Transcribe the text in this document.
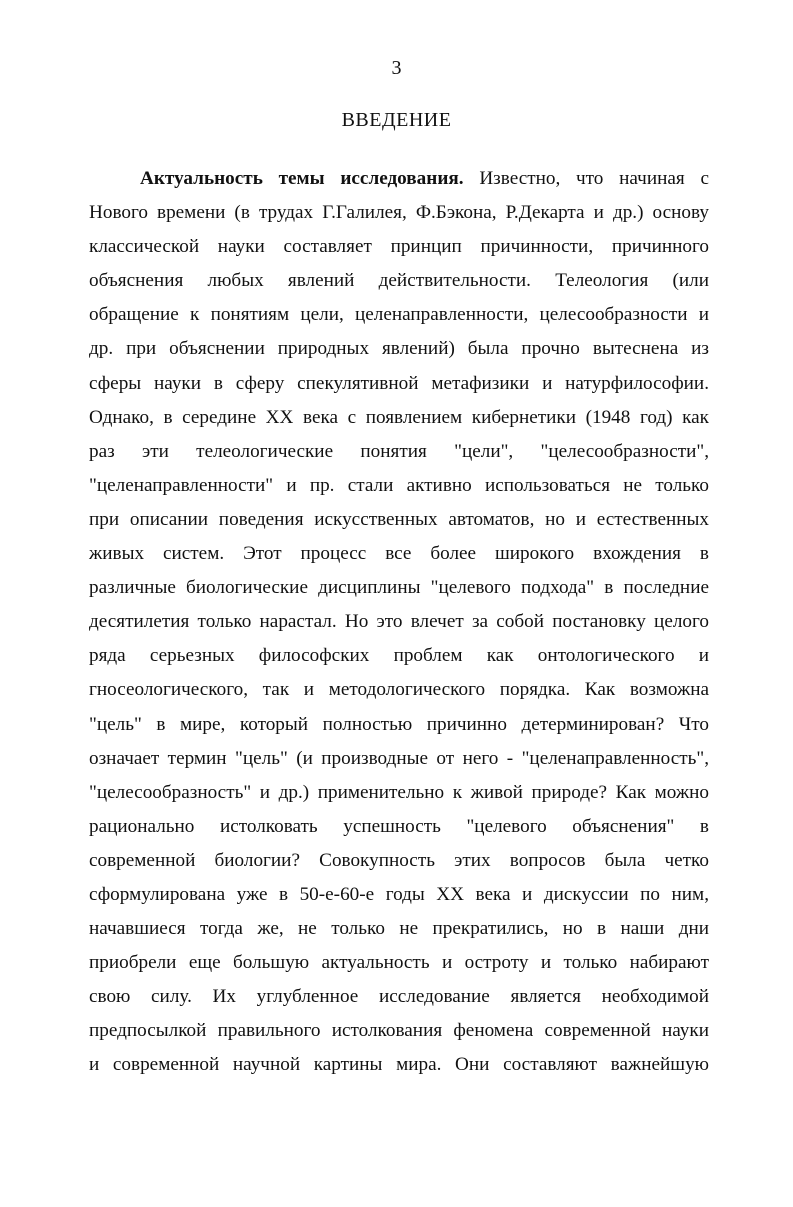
3
ВВЕДЕНИЕ
Актуальность темы исследования. Известно, что начиная с
Нового времени (в трудах Г.Галилея, Ф.Бэкона, Р.Декарта и др.) основу
классической науки составляет принцип причинности, причинного
объяснения любых явлений действительности. Телеология (или
обращение к понятиям цели, целенаправленности, целесообразности и
др. при объяснении природных явлений) была прочно вытеснена из
сферы науки в сферу спекулятивной метафизики и натурфилософии.
Однако, в середине XX века с появлением кибернетики (1948 год) как
раз эти телеологические понятия "цели", "целесообразности",
"целенаправленности" и пр. стали активно использоваться не только
при описании поведения искусственных автоматов, но и естественных
живых систем. Этот процесс все более широкого вхождения в
различные биологические дисциплины "целевого подхода" в последние
десятилетия только нарастал. Но это влечет за собой постановку целого
ряда серьезных философских проблем как онтологического и
гносеологического, так и методологического порядка. Как возможна
"цель" в мире, который полностью причинно детерминирован? Что
означает термин "цель" (и производные от него - "целенаправленность",
"целесообразность" и др.) применительно к живой природе? Как можно
рационально истолковать успешность "целевого объяснения" в
современной биологии? Совокупность этих вопросов была четко
сформулирована уже в 50-е-60-е годы XX века и дискуссии по ним,
начавшиеся тогда же, не только не прекратились, но в наши дни
приобрели еще большую актуальность и остроту и только набирают
свою силу. Их углубленное исследование является необходимой
предпосылкой правильного истолкования феномена современной науки
и современной научной картины мира. Они составляют важнейшую
